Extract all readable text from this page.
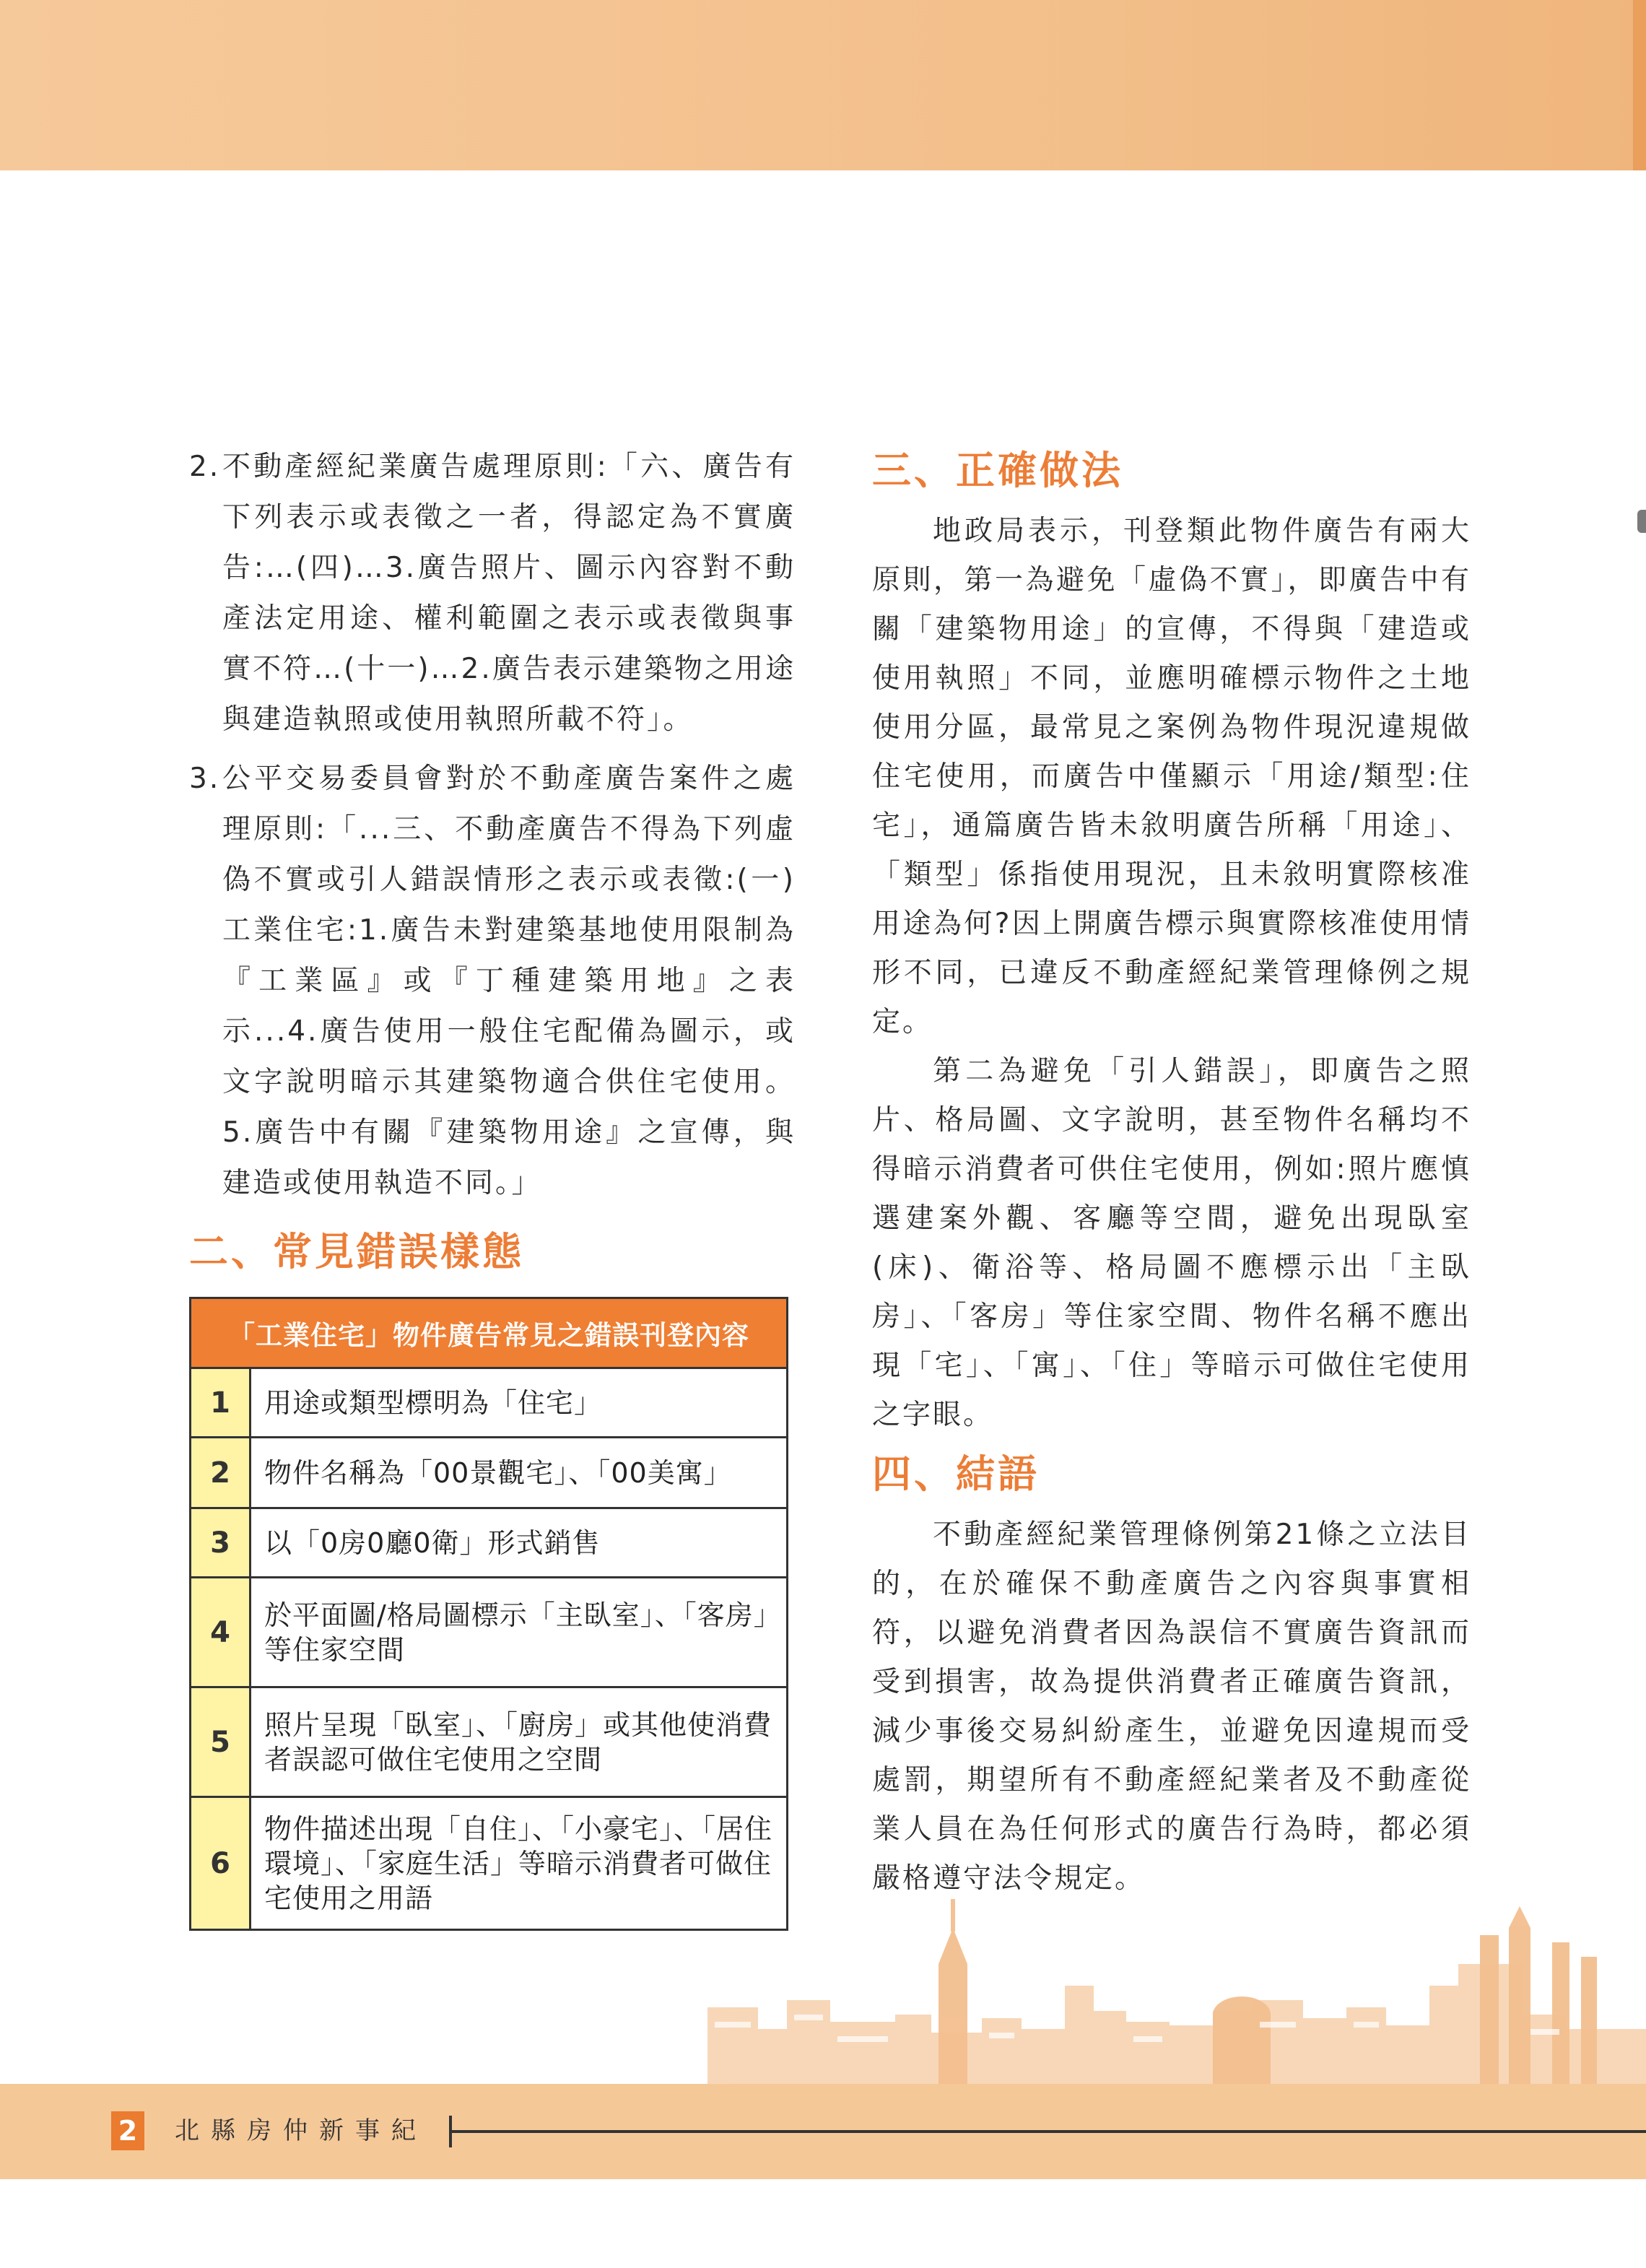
2. 不動產經紀業廣告處理原則:「六、廣告有下列表示或表徵之一者，得認定為不實廣告:…(四)…3.廣告照片、圖示內容對不動產法定用途、權利範圍之表示或表徵與事實不符…(十一)…2.廣告表示建築物之用途與建造執照或使用執照所載不符」。
3. 公平交易委員會對於不動產廣告案件之處理原則:「...三、不動產廣告不得為下列虛偽不實或引人錯誤情形之表示或表徵:(一)工業住宅:1.廣告未對建築基地使用限制為『工業區』或『丁種建築用地』之表示...4.廣告使用一般住宅配備為圖示，或文字說明暗示其建築物適合供住宅使用。5.廣告中有關『建築物用途』之宣傳，與建造或使用執造不同。」
二、常見錯誤樣態
「工業住宅」物件廣告常見之錯誤刊登內容	
1	用途或類型標明為「住宅」
2	物件名稱為「00景觀宅」、「00美寓」
3	以「0房0廳0衛」形式銷售
4	於平面圖/格局圖標示「主臥室」、「客房」等住家空間
5	照片呈現「臥室」、「廚房」或其他使消費者誤認可做住宅使用之空間
6	物件描述出現「自住」、「小豪宅」、「居住環境」、「家庭生活」等暗示消費者可做住宅使用之用語
三、正確做法

地政局表示，刊登類此物件廣告有兩大原則，第一為避免「虛偽不實」，即廣告中有關「建築物用途」的宣傳，不得與「建造或使用執照」不同，並應明確標示物件之土地使用分區，最常見之案例為物件現況違規做住宅使用，而廣告中僅顯示「用途/類型:住宅」，通篇廣告皆未敘明廣告所稱「用途」、「類型」係指使用現況，且未敘明實際核准用途為何?因上開廣告標示與實際核准使用情形不同，已違反不動產經紀業管理條例之規定。

第二為避免「引人錯誤」，即廣告之照片、格局圖、文字說明，甚至物件名稱均不得暗示消費者可供住宅使用，例如:照片應慎選建案外觀、客廳等空間，避免出現臥室(床)、衛浴等、格局圖不應標示出「主臥房」、「客房」等住家空間、物件名稱不應出現「宅」、「寓」、「住」等暗示可做住宅使用之字眼。

四、結語

不動產經紀業管理條例第21條之立法目的，在於確保不動產廣告之內容與事實相符，以避免消費者因為誤信不實廣告資訊而受到損害，故為提供消費者正確廣告資訊，減少事後交易糾紛產生，並避免因違規而受處罰，期望所有不動產經紀業者及不動產從業人員在為任何形式的廣告行為時，都必須嚴格遵守法令規定。

2 北縣房仲新事紀
